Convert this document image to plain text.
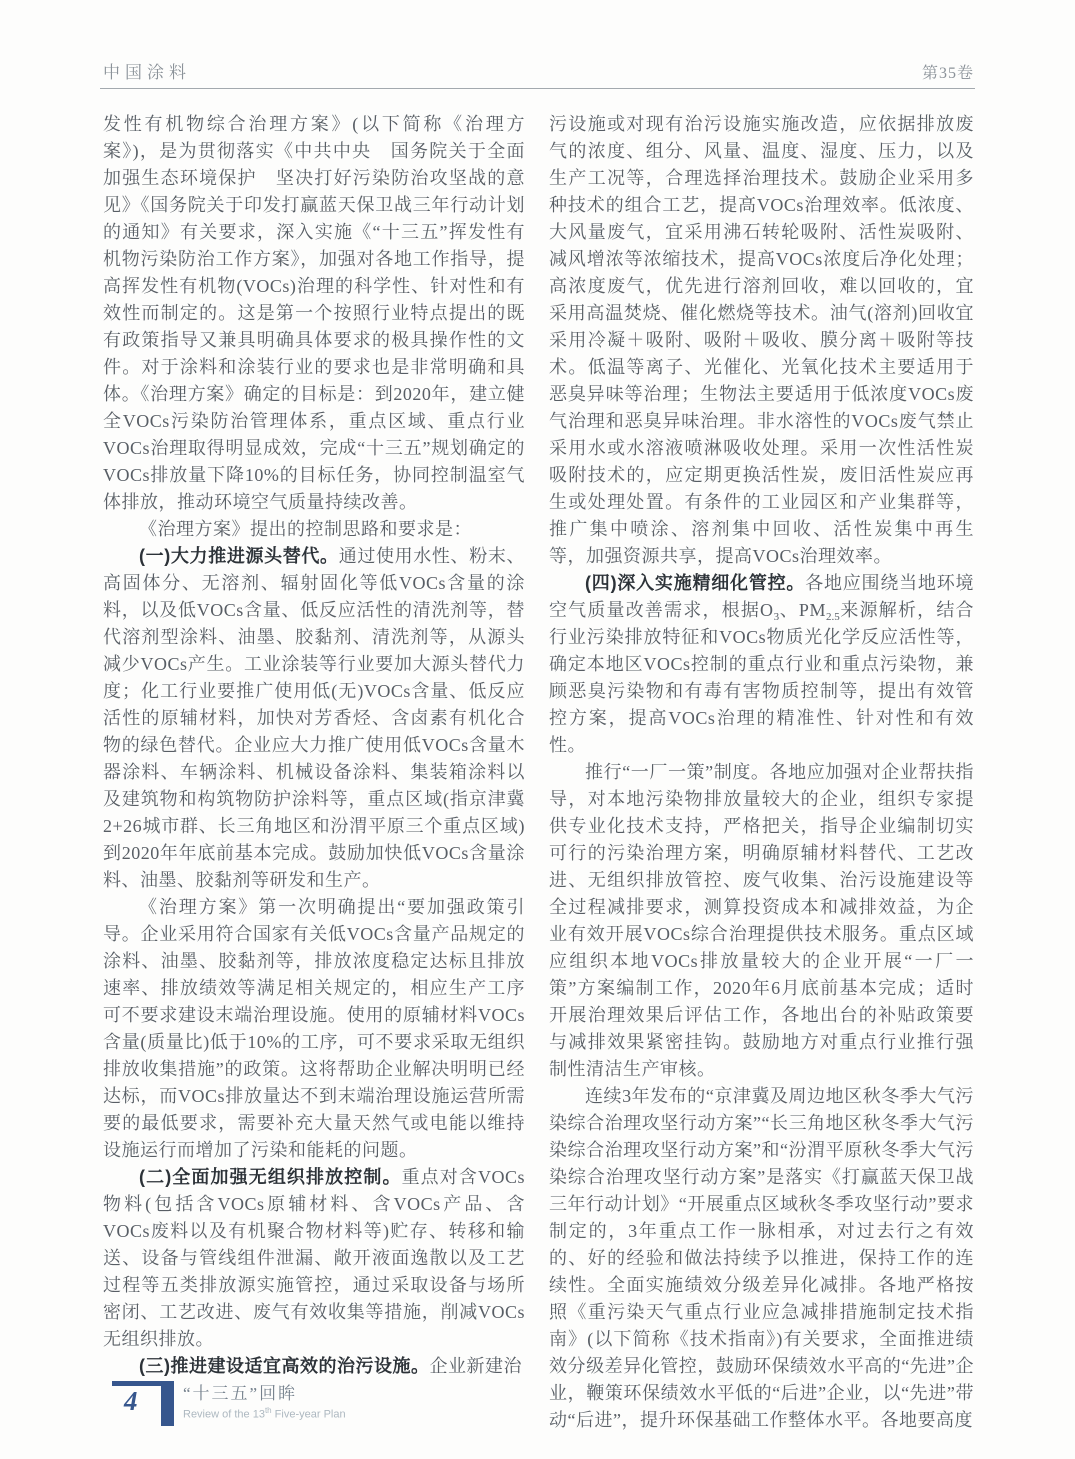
中国涂料	第35卷

发性有机物综合治理方案》(以下简称《治理方案》)，是为贯彻落实《中共中央　国务院关于全面加强生态环境保护　坚决打好污染防治攻坚战的意见》《国务院关于印发打赢蓝天保卫战三年行动计划的通知》有关要求，深入实施《“十三五”挥发性有机物污染防治工作方案》，加强对各地工作指导，提高挥发性有机物(VOCs)治理的科学性、针对性和有效性而制定的。这是第一个按照行业特点提出的既有政策指导又兼具明确具体要求的极具操作性的文件。对于涂料和涂装行业的要求也是非常明确和具体。《治理方案》确定的目标是：到2020年，建立健全VOCs污染防治管理体系，重点区域、重点行业VOCs治理取得明显成效，完成“十三五”规划确定的VOCs排放量下降10%的目标任务，协同控制温室气体排放，推动环境空气质量持续改善。

《治理方案》提出的控制思路和要求是：

(一)大力推进源头替代。通过使用水性、粉末、高固体分、无溶剂、辐射固化等低VOCs含量的涂料，以及低VOCs含量、低反应活性的清洗剂等，替代溶剂型涂料、油墨、胶黏剂、清洗剂等，从源头减少VOCs产生。工业涂装等行业要加大源头替代力度；化工行业要推广使用低(无)VOCs含量、低反应活性的原辅材料，加快对芳香烃、含卤素有机化合物的绿色替代。企业应大力推广使用低VOCs含量木器涂料、车辆涂料、机械设备涂料、集装箱涂料以及建筑物和构筑物防护涂料等，重点区域(指京津冀2+26城市群、长三角地区和汾渭平原三个重点区域)到2020年年底前基本完成。鼓励加快低VOCs含量涂料、油墨、胶黏剂等研发和生产。

《治理方案》第一次明确提出“要加强政策引导。企业采用符合国家有关低VOCs含量产品规定的涂料、油墨、胶黏剂等，排放浓度稳定达标且排放速率、排放绩效等满足相关规定的，相应生产工序可不要求建设末端治理设施。使用的原辅材料VOCs含量(质量比)低于10%的工序，可不要求采取无组织排放收集措施”的政策。这将帮助企业解决明明已经达标，而VOCs排放量达不到末端治理设施运营所需要的最低要求，需要补充大量天然气或电能以维持设施运行而增加了污染和能耗的问题。

(二)全面加强无组织排放控制。重点对含VOCs物料(包括含VOCs原辅材料、含VOCs产品、含VOCs废料以及有机聚合物材料等)贮存、转移和输送、设备与管线组件泄漏、敞开液面逸散以及工艺过程等五类排放源实施管控，通过采取设备与场所密闭、工艺改进、废气有效收集等措施，削减VOCs无组织排放。

(三)推进建设适宜高效的治污设施。企业新建治

污设施或对现有治污设施实施改造，应依据排放废气的浓度、组分、风量、温度、湿度、压力，以及生产工况等，合理选择治理技术。鼓励企业采用多种技术的组合工艺，提高VOCs治理效率。低浓度、大风量废气，宜采用沸石转轮吸附、活性炭吸附、减风增浓等浓缩技术，提高VOCs浓度后净化处理；高浓度废气，优先进行溶剂回收，难以回收的，宜采用高温焚烧、催化燃烧等技术。油气(溶剂)回收宜采用冷凝＋吸附、吸附＋吸收、膜分离＋吸附等技术。低温等离子、光催化、光氧化技术主要适用于恶臭异味等治理；生物法主要适用于低浓度VOCs废气治理和恶臭异味治理。非水溶性的VOCs废气禁止采用水或水溶液喷淋吸收处理。采用一次性活性炭吸附技术的，应定期更换活性炭，废旧活性炭应再生或处理处置。有条件的工业园区和产业集群等，推广集中喷涂、溶剂集中回收、活性炭集中再生等，加强资源共享，提高VOCs治理效率。

(四)深入实施精细化管控。各地应围绕当地环境空气质量改善需求，根据$O_3$、$PM_{2.5}$来源解析，结合行业污染排放特征和VOCs物质光化学反应活性等，确定本地区VOCs控制的重点行业和重点污染物，兼顾恶臭污染物和有毒有害物质控制等，提出有效管控方案，提高VOCs治理的精准性、针对性和有效性。

推行“一厂一策”制度。各地应加强对企业帮扶指导，对本地污染物排放量较大的企业，组织专家提供专业化技术支持，严格把关，指导企业编制切实可行的污染治理方案，明确原辅材料替代、工艺改进、无组织排放管控、废气收集、治污设施建设等全过程减排要求，测算投资成本和减排效益，为企业有效开展VOCs综合治理提供技术服务。重点区域应组织本地VOCs排放量较大的企业开展“一厂一策”方案编制工作，2020年6月底前基本完成；适时开展治理效果后评估工作，各地出台的补贴政策要与减排效果紧密挂钩。鼓励地方对重点行业推行强制性清洁生产审核。

连续3年发布的“京津冀及周边地区秋冬季大气污染综合治理攻坚行动方案”“长三角地区秋冬季大气污染综合治理攻坚行动方案”和“汾渭平原秋冬季大气污染综合治理攻坚行动方案”是落实《打赢蓝天保卫战三年行动计划》“开展重点区域秋冬季攻坚行动”要求制定的，3年重点工作一脉相承，对过去行之有效的、好的经验和做法持续予以推进，保持工作的连续性。全面实施绩效分级差异化减排。各地严格按照《重污染天气重点行业应急减排措施制定技术指南》(以下简称《技术指南》)有关要求，全面推进绩效分级差异化管控，鼓励环保绩效水平高的“先进”企业，鞭策环保绩效水平低的“后进”企业，以“先进”带动“后进”，提升环保基础工作整体水平。各地要高度

4	“十三五”回眸
Review of the 13th Five-year Plan
